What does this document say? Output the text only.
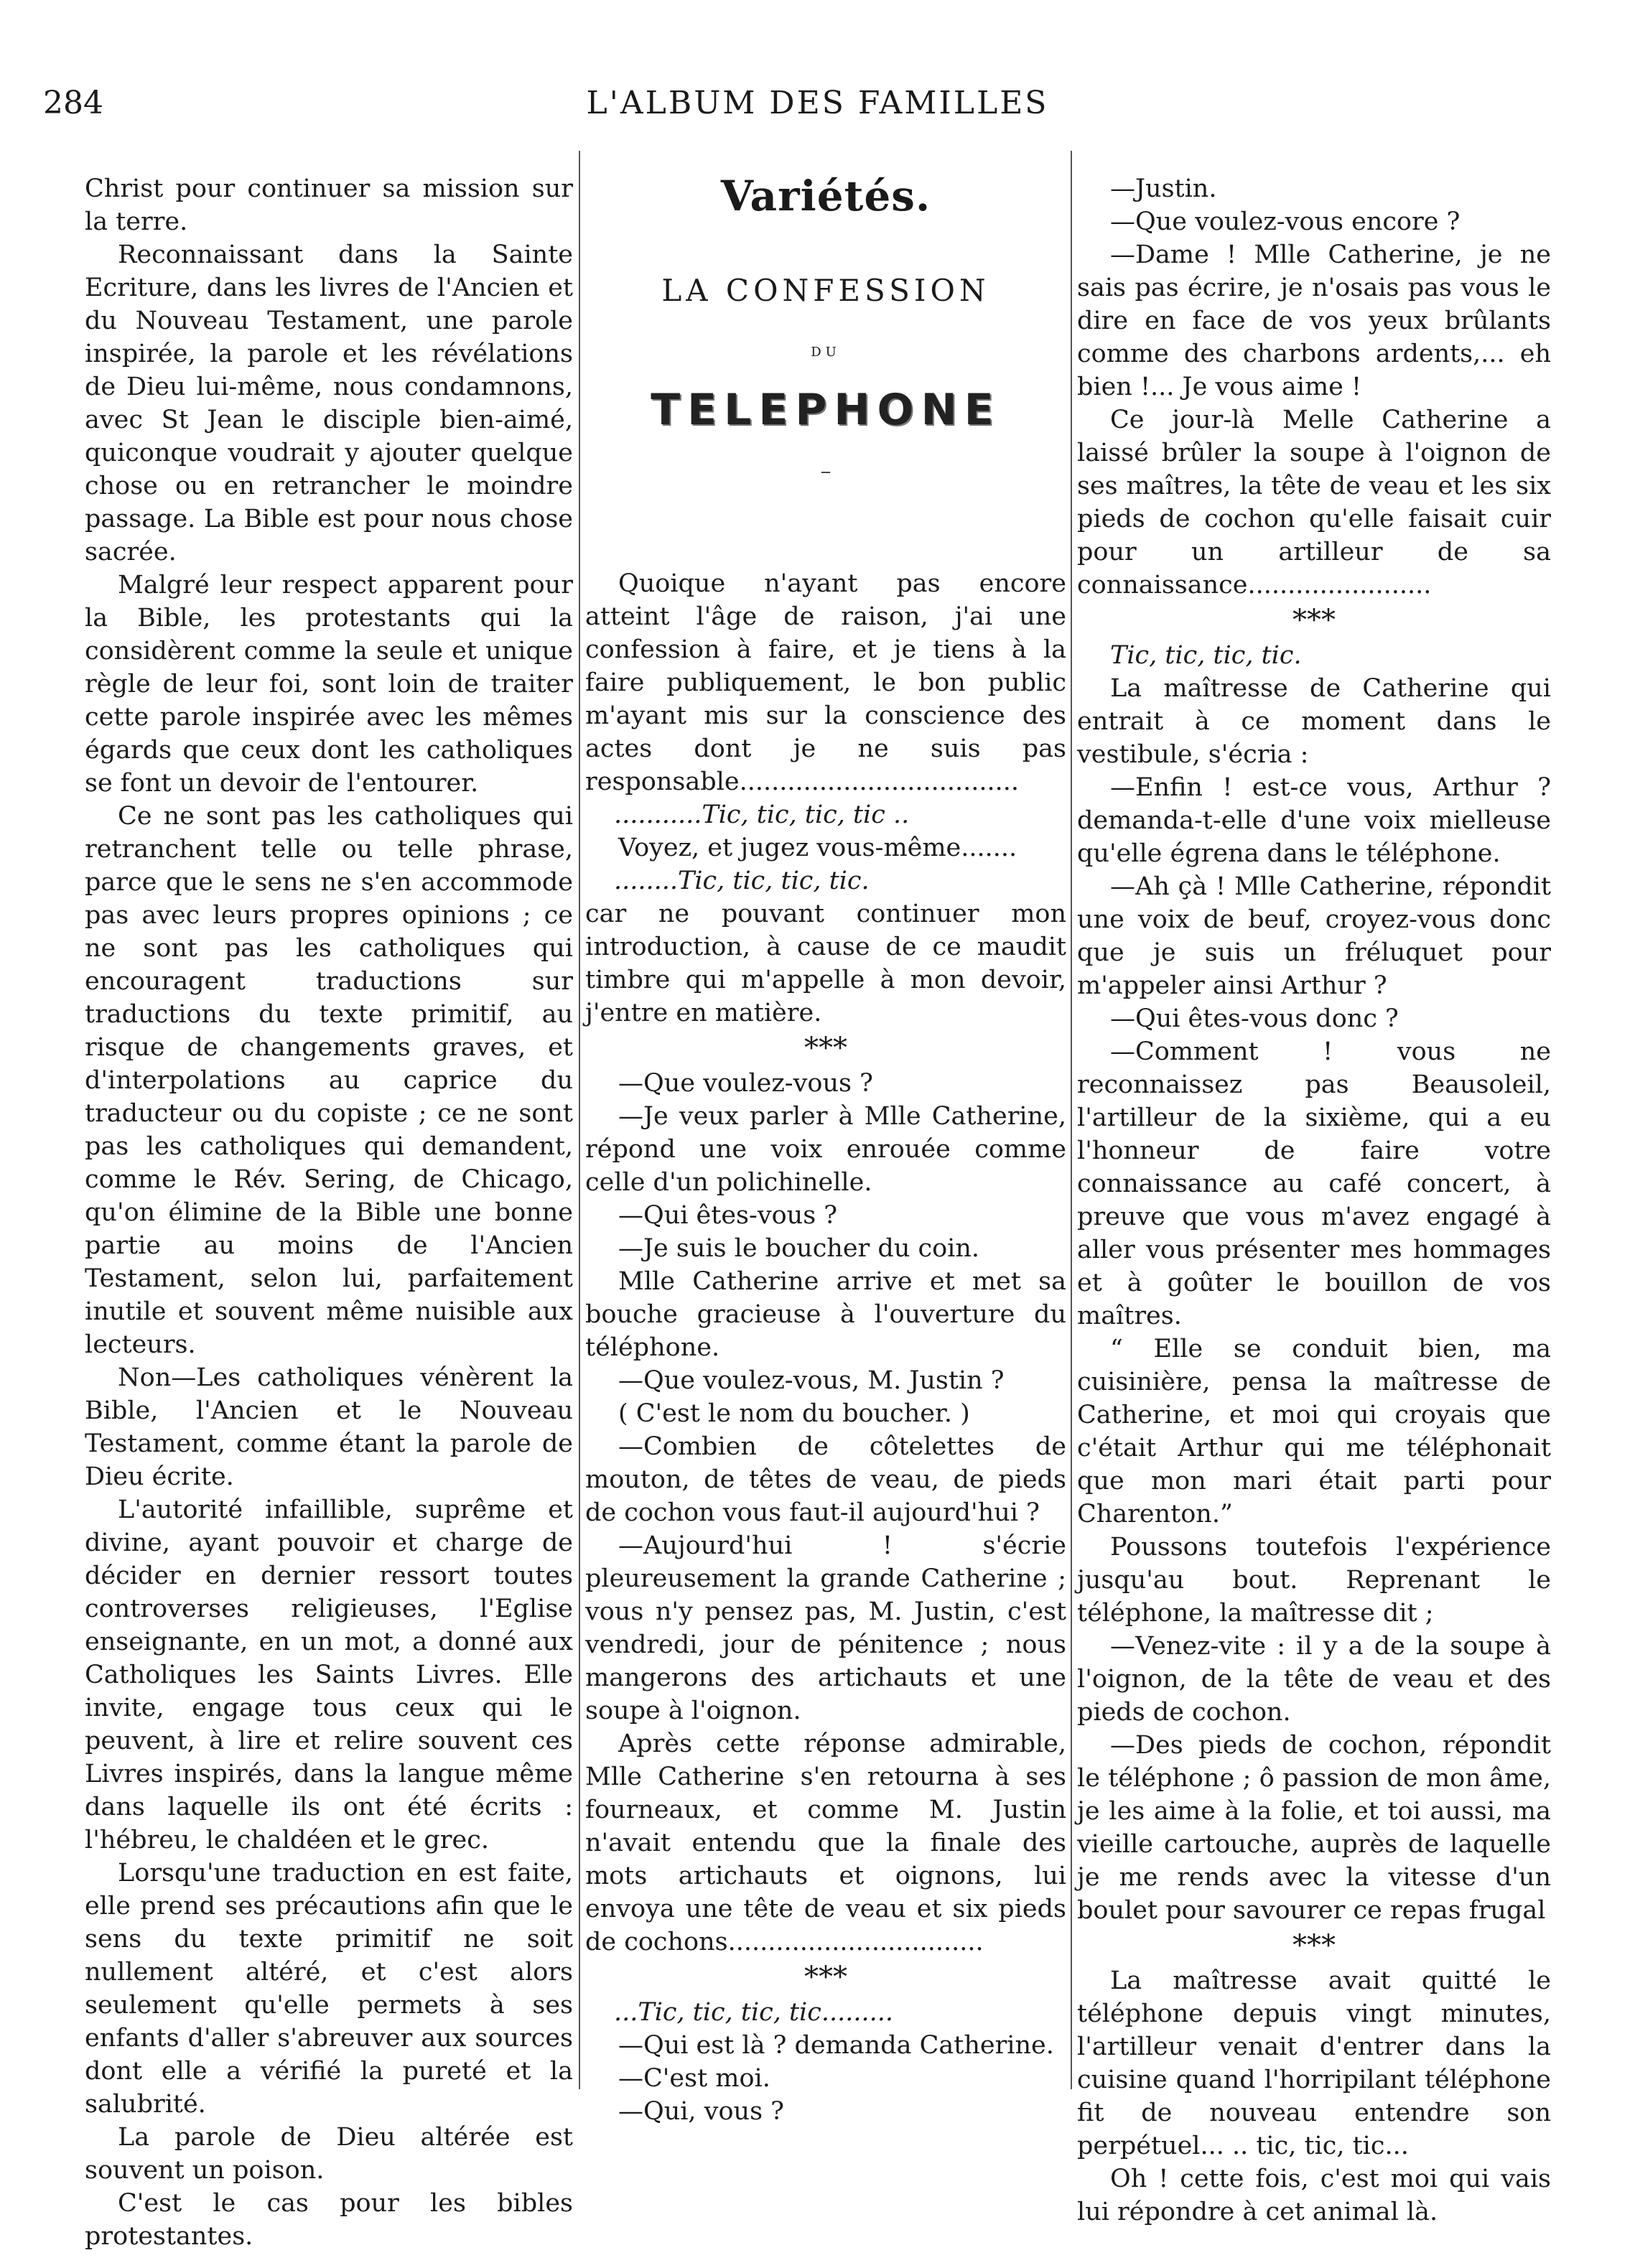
284	L'ALBUM DES FAMILLES

Christ pour continuer sa mission sur la terre.

Reconnaissant dans la Sainte Ecriture, dans les livres de l'Ancien et du Nouveau Testament, une parole inspirée, la parole et les révélations de Dieu lui-même, nous condamnons, avec St Jean le disciple bien-aimé, quiconque voudrait y ajouter quelque chose ou en retrancher le moindre passage. La Bible est pour nous chose sacrée.

Malgré leur respect apparent pour la Bible, les protestants qui la considèrent comme la seule et unique règle de leur foi, sont loin de traiter cette parole inspirée avec les mêmes égards que ceux dont les catholiques se font un devoir de l'entourer.

Ce ne sont pas les catholiques qui retranchent telle ou telle phrase, parce que le sens ne s'en accommode pas avec leurs propres opinions ; ce ne sont pas les catholiques qui encouragent traductions sur traductions du texte primitif, au risque de changements graves, et d'interpolations au caprice du traducteur ou du copiste ; ce ne sont pas les catholiques qui demandent, comme le Rév. Sering, de Chicago, qu'on élimine de la Bible une bonne partie au moins de l'Ancien Testament, selon lui, parfaitement inutile et souvent même nuisible aux lecteurs.

Non—Les catholiques vénèrent la Bible, l'Ancien et le Nouveau Testament, comme étant la parole de Dieu écrite.

L'autorité infaillible, suprême et divine, ayant pouvoir et charge de décider en dernier ressort toutes controverses religieuses, l'Eglise enseignante, en un mot, a donné aux Catholiques les Saints Livres. Elle invite, engage tous ceux qui le peuvent, à lire et relire souvent ces Livres inspirés, dans la langue même dans laquelle ils ont été écrits : l'hébreu, le chaldéen et le grec.

Lorsqu'une traduction en est faite, elle prend ses précautions afin que le sens du texte primitif ne soit nullement altéré, et c'est alors seulement qu'elle permets à ses enfants d'aller s'abreuver aux sources dont elle a vérifié la pureté et la salubrité.

La parole de Dieu altérée est souvent un poison.

C'est le cas pour les bibles protestantes.

Variétés.
LA CONFESSION
DU
TELEPHONE
–

Quoique n'ayant pas encore atteint l'âge de raison, j'ai une confession à faire, et je tiens à la faire publiquement, le bon public m'ayant mis sur la conscience des actes dont je ne suis pas responsable...................................

...........Tic, tic, tic, tic ..

Voyez, et jugez vous-même.......

........Tic, tic, tic, tic.

car ne pouvant continuer mon introduction, à cause de ce maudit timbre qui m'appelle à mon devoir, j'entre en matière.

***

—Que voulez-vous ?

—Je veux parler à Mlle Catherine, répond une voix enrouée comme celle d'un polichinelle.

—Qui êtes-vous ?

—Je suis le boucher du coin.

Mlle Catherine arrive et met sa bouche gracieuse à l'ouverture du téléphone.

—Que voulez-vous, M. Justin ?

( C'est le nom du boucher. )

—Combien de côtelettes de mouton, de têtes de veau, de pieds de cochon vous faut-il aujourd'hui ?

—Aujourd'hui ! s'écrie pleureusement la grande Catherine ; vous n'y pensez pas, M. Justin, c'est vendredi, jour de pénitence ; nous mangerons des artichauts et une soupe à l'oignon.

Après cette réponse admirable, Mlle Catherine s'en retourna à ses fourneaux, et comme M. Justin n'avait entendu que la finale des mots artichauts et oignons, lui envoya une tête de veau et six pieds de cochons................................

***

...Tic, tic, tic, tic.........

—Qui est là ? demanda Catherine.

—C'est moi.

—Qui, vous ?

—Justin.

—Que voulez-vous encore ?

—Dame ! Mlle Catherine, je ne sais pas écrire, je n'osais pas vous le dire en face de vos yeux brûlants comme des charbons ardents,... eh bien !... Je vous aime !

Ce jour-là Melle Catherine a laissé brûler la soupe à l'oignon de ses maîtres, la tête de veau et les six pieds de cochon qu'elle faisait cuir pour un artilleur de sa connaissance.......................

***

Tic, tic, tic, tic.

La maîtresse de Catherine qui entrait à ce moment dans le vestibule, s'écria :

—Enfin ! est-ce vous, Arthur ? demanda-t-elle d'une voix mielleuse qu'elle égrena dans le téléphone.

—Ah çà ! Mlle Catherine, répondit une voix de beuf, croyez-vous donc que je suis un fréluquet pour m'appeler ainsi Arthur ?

—Qui êtes-vous donc ?

—Comment ! vous ne reconnaissez pas Beausoleil, l'artilleur de la sixième, qui a eu l'honneur de faire votre connaissance au café concert, à preuve que vous m'avez engagé à aller vous présenter mes hommages et à goûter le bouillon de vos maîtres.

“ Elle se conduit bien, ma cuisinière, pensa la maîtresse de Catherine, et moi qui croyais que c'était Arthur qui me téléphonait que mon mari était parti pour Charenton.”

Poussons toutefois l'expérience jusqu'au bout. Reprenant le téléphone, la maîtresse dit ;

—Venez-vite : il y a de la soupe à l'oignon, de la tête de veau et des pieds de cochon.

—Des pieds de cochon, répondit le téléphone ; ô passion de mon âme, je les aime à la folie, et toi aussi, ma vieille cartouche, auprès de laquelle je me rends avec la vitesse d'un boulet pour savourer ce repas frugal

***

La maîtresse avait quitté le téléphone depuis vingt minutes, l'artilleur venait d'entrer dans la cuisine quand l'horripilant téléphone fit de nouveau entendre son perpétuel... .. tic, tic, tic...

Oh ! cette fois, c'est moi qui vais lui répondre à cet animal là.
